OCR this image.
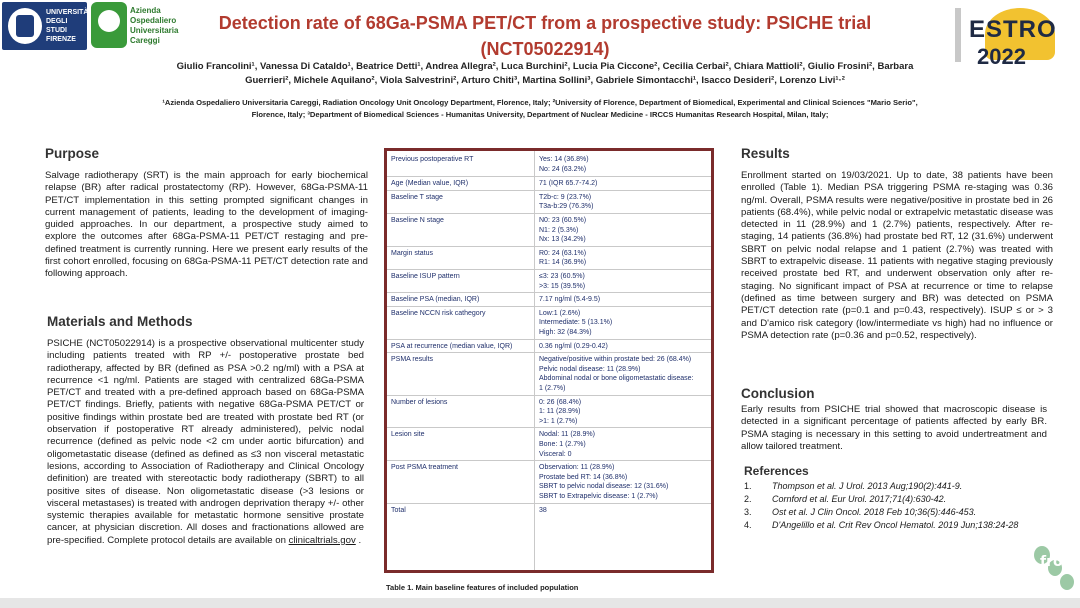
UNIVERSITÀ DEGLI STUDI FIRENZE
Azienda Ospedaliero Universitaria Careggi
Detection rate of 68Ga-PSMA PET/CT from a prospective study: PSICHE trial (NCT05022914)
Giulio Francolini¹, Vanessa Di Cataldo¹, Beatrice Detti¹, Andrea Allegra², Luca Burchini², Lucia Pia Ciccone², Cecilia Cerbai², Chiara Mattioli², Giulio Frosini², Barbara Guerrieri², Michele Aquilano², Viola Salvestrini², Arturo Chiti³, Martina Sollini³, Gabriele Simontacchi¹, Isacco Desideri², Lorenzo Livi¹·²
¹Azienda Ospedaliero Universitaria Careggi, Radiation Oncology Unit Oncology Department, Florence, Italy; ²University of Florence, Department of Biomedical, Experimental and Clinical Sciences "Mario Serio", Florence, Italy; ³Department of Biomedical Sciences - Humanitas University, Department of Nuclear Medicine - IRCCS Humanitas Research Hospital, Milan, Italy;
ESTRO
2022
Purpose
Salvage radiotherapy (SRT) is the main approach for early biochemical relapse (BR) after radical prostatectomy (RP). However, 68Ga-PSMA-11 PET/CT implementation in this setting prompted significant changes in current management of patients, leading to the development of imaging-guided approaches. In our department, a prospective study aimed to explore the outcomes after 68Ga-PSMA-11 PET/CT restaging and pre-defined treatment is currently running. Here we present early results of the first cohort enrolled, focusing on 68Ga-PSMA-11 PET/CT detection rate and following approach.
Materials and Methods
PSICHE (NCT05022914) is a prospective observational multicenter study including patients treated with RP +/- postoperative prostate bed radiotherapy, affected by BR (defined as PSA >0.2 ng/ml) with a PSA at recurrence <1 ng/ml. Patients are staged with centralized 68Ga-PSMA PET/CT and treated with a pre-defined approach based on 68Ga-PSMA PET/CT findings. Briefly, patients with negative 68Ga-PSMA PET/CT or positive findings within prostate bed are treated with prostate bed RT (or observation if postoperative RT already administered), pelvic nodal recurrence (defined as pelvic node <2 cm under aortic bifurcation) and oligometastatic disease (defined as defined as ≤3 non visceral metastatic lesions, according to Association of Radiotherapy and Clinical Oncology definition) are treated with stereotactic body radiotherapy (SBRT) to all positive sites of disease. Non oligometastatic disease (>3 lesions or visceral metastases) is treated with androgen deprivation therapy +/- other systemic therapies available for metastatic hormone sensitive prostate cancer, at physician discretion. All doses and fractionations allowed are pre-specified. Complete protocol details are available on clinicaltrials.gov .
Previous postoperative RT	Yes: 14 (36.8%)
No: 24 (63.2%)
Age (Median value, IQR)	71 (IQR 65.7-74.2)
Baseline T stage	T2b-c: 9 (23.7%)
T3a-b:29 (76.3%)
Baseline N stage	N0: 23 (60.5%)
N1: 2 (5.3%)
Nx: 13 (34.2%)
Margin status	R0: 24 (63.1%)
R1: 14 (36.9%)
Baseline ISUP pattern	≤3: 23 (60.5%)
>3: 15 (39.5%)
Baseline PSA (median, IQR)	7.17 ng/ml (5.4-9.5)
Baseline NCCN risk cathegory	Low:1 (2.6%)
Intermediate: 5 (13.1%)
High: 32 (84.3%)
PSA at recurrence (median value, IQR)	0.36 ng/ml (0.29-0.42)
PSMA results	Negative/positive within prostate bed: 26 (68.4%)
Pelvic nodal disease: 11 (28.9%)
Abdominal nodal or bone oligometastatic disease:
1 (2.7%)
Number of lesions	0: 26 (68.4%)
1: 11 (28.9%)
>1: 1 (2.7%)
Lesion site	Nodal: 11 (28.9%)
Bone: 1 (2.7%)
Visceral: 0
Post PSMA treatment	Observation: 11 (28.9%)
Prostate bed RT: 14 (36.8%)
SBRT to pelvic nodal disease: 12 (31.6%)
SBRT to Extrapelvic disease: 1 (2.7%)
Total	38
Table 1. Main baseline features of included population
Results
Enrollment started on 19/03/2021. Up to date, 38 patients have been enrolled (Table 1). Median PSA triggering PSMA re-staging was 0.36 ng/ml. Overall, PSMA results were negative/positive in prostate bed in 26 patients (68.4%), while pelvic nodal or extrapelvic metastatic disease was detected in 11 (28.9%) and 1 (2.7%) patients, respectively. After re-staging, 14 patients (36.8%) had prostate bed RT, 12 (31.6%) underwent SBRT on pelvic nodal relapse and 1 patient (2.7%) was treated with SBRT to extrapelvic disease. 11 patients with negative staging previously received prostate bed RT, and underwent observation only after re-staging. No significant impact of PSA at recurrence or time to relapse (defined as time between surgery and BR) was detected on PSMA PET/CT detection rate (p=0.1 and p=0.43, respectively). ISUP ≤ or > 3 and D'amico risk category (low/intermediate vs high) had no influence or PSMA detection rate (p=0.36 and p=0.52, respectively).
Conclusion
Early results from PSICHE trial showed that macroscopic disease is detected in a significant percentage of patients affected by early BR. PSMA staging is necessary in this setting to avoid undertreatment and allow tailored treatment.
References
1. Thompson et al. J Urol. 2013 Aug;190(2):441-9.
2. Cornford et al. Eur Urol. 2017;71(4):630-42.
3. Ost et al. J Clin Oncol. 2018 Feb 10;36(5):446-453.
4. D'Angelillo et al. Crit Rev Oncol Hematol. 2019 Jun;138:24-28
fro
